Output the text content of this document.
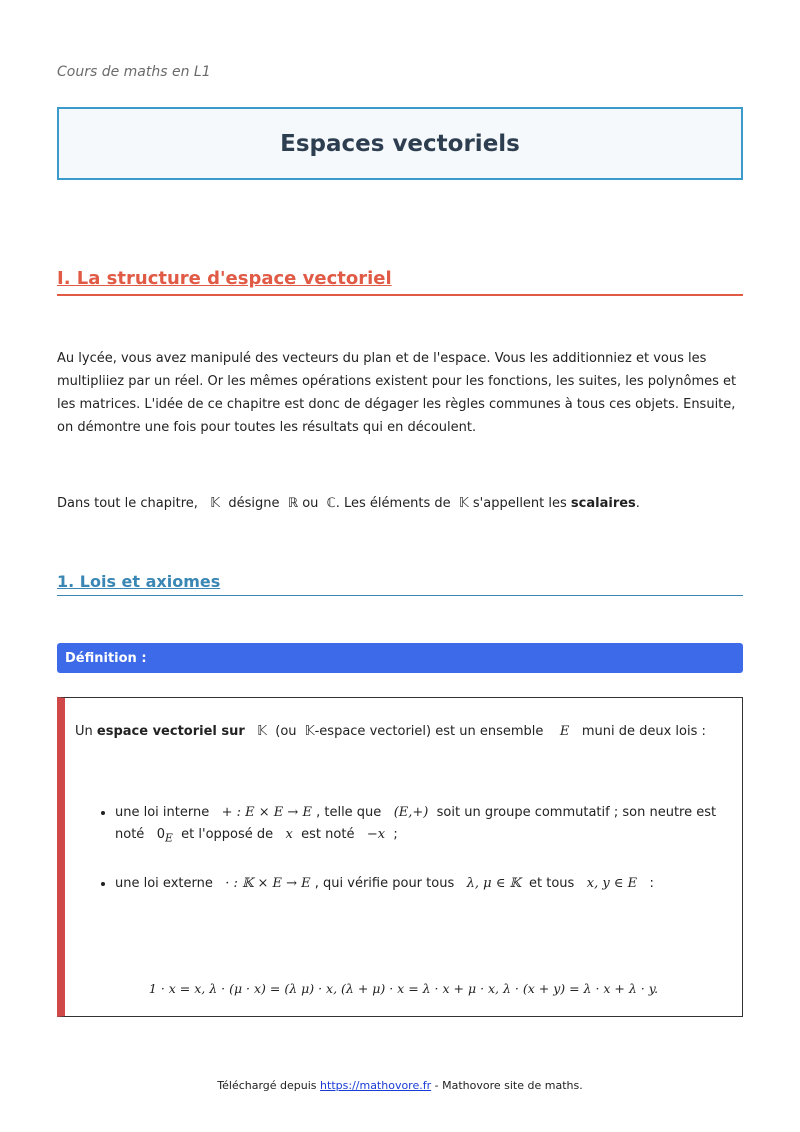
Cours de maths en L1
Espaces vectoriels
I. La structure d'espace vectoriel

Au lycée, vous avez manipulé des vecteurs du plan et de l'espace. Vous les additionniez et vous les multipliiez par un réel. Or les mêmes opérations existent pour les fonctions, les suites, les polynômes et les matrices. L'idée de ce chapitre est donc de dégager les règles communes à tous ces objets. Ensuite, on démontre une fois pour toutes les résultats qui en découlent.

Dans tout le chapitre, 𝕂 désigne ℝ ou ℂ. Les éléments de 𝕂 s'appellent les scalaires.

1. Lois et axiomes
Définition :
Un espace vectoriel sur 𝕂 (ou 𝕂-espace vectoriel) est un ensemble E muni de deux lois :
• une loi interne + : E × E → E , telle que (E,+) soit un groupe commutatif ; son neutre est noté $0_E$ et l'opposé de x est noté −x ;
• une loi externe · : 𝕂 × E → E , qui vérifie pour tous λ, μ ∈ 𝕂 et tous x, y ∈ E :
1 · x = x, λ · (μ · x) = (λ μ) · x, (λ + μ) · x = λ · x + μ · x, λ · (x + y) = λ · x + λ · y.
Téléchargé depuis https://mathovore.fr - Mathovore site de maths.
